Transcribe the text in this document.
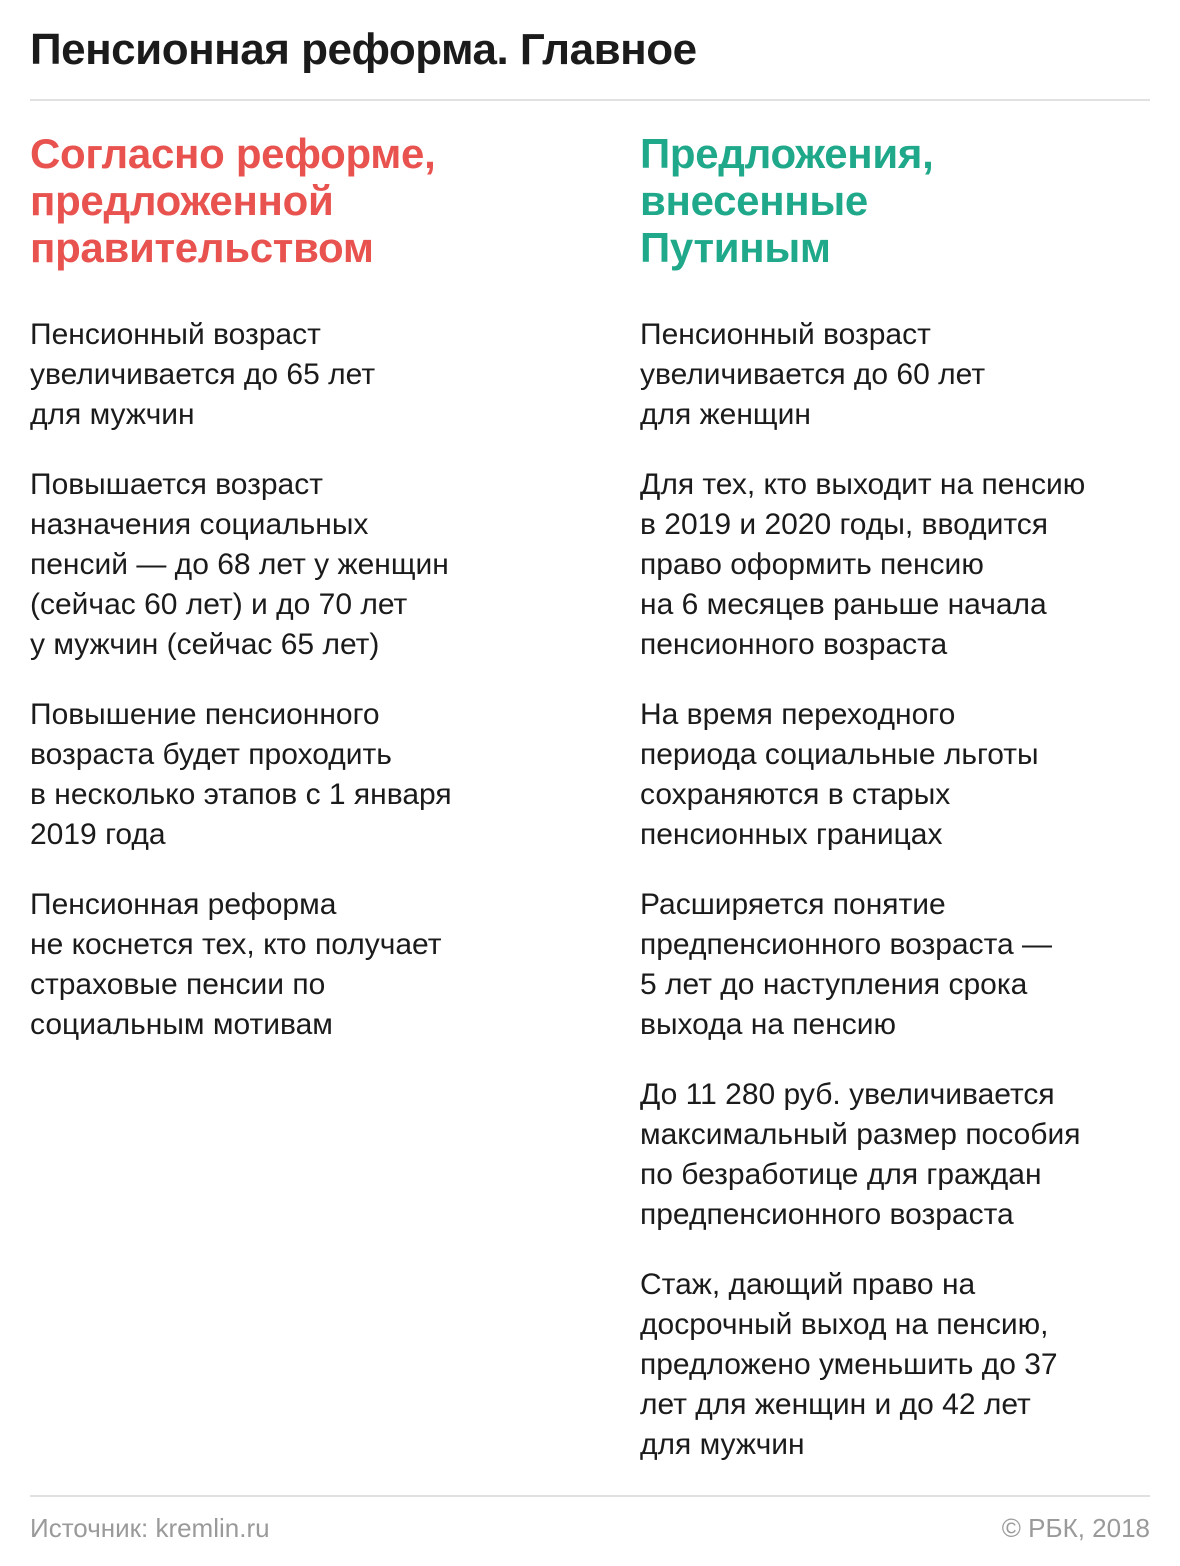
Пенсионная реформа. Главное
Согласно реформе,
предложенной
правительством

Пенсионный возраст
увеличивается до 65 лет
для мужчин

Повышается возраст
назначения социальных
пенсий — до 68 лет у женщин
(сейчас 60 лет) и до 70 лет
у мужчин (сейчас 65 лет)

Повышение пенсионного
возраста будет проходить
в несколько этапов с 1 января
2019 года

Пенсионная реформа
не коснется тех, кто получает
страховые пенсии по
социальным мотивам

Предложения,
внесенные
Путиным

Пенсионный возраст
увеличивается до 60 лет
для женщин

Для тех, кто выходит на пенсию
в 2019 и 2020 годы, вводится
право оформить пенсию
на 6 месяцев раньше начала
пенсионного возраста

На время переходного
периода социальные льготы
сохраняются в старых
пенсионных границах

Расширяется понятие
предпенсионного возраста —
5 лет до наступления срока
выхода на пенсию

До 11 280 руб. увеличивается
максимальный размер пособия
по безработице для граждан
предпенсионного возраста

Стаж, дающий право на
досрочный выход на пенсию,
предложено уменьшить до 37
лет для женщин и до 42 лет
для мужчин

Источник: kremlin.ru	© РБК, 2018
